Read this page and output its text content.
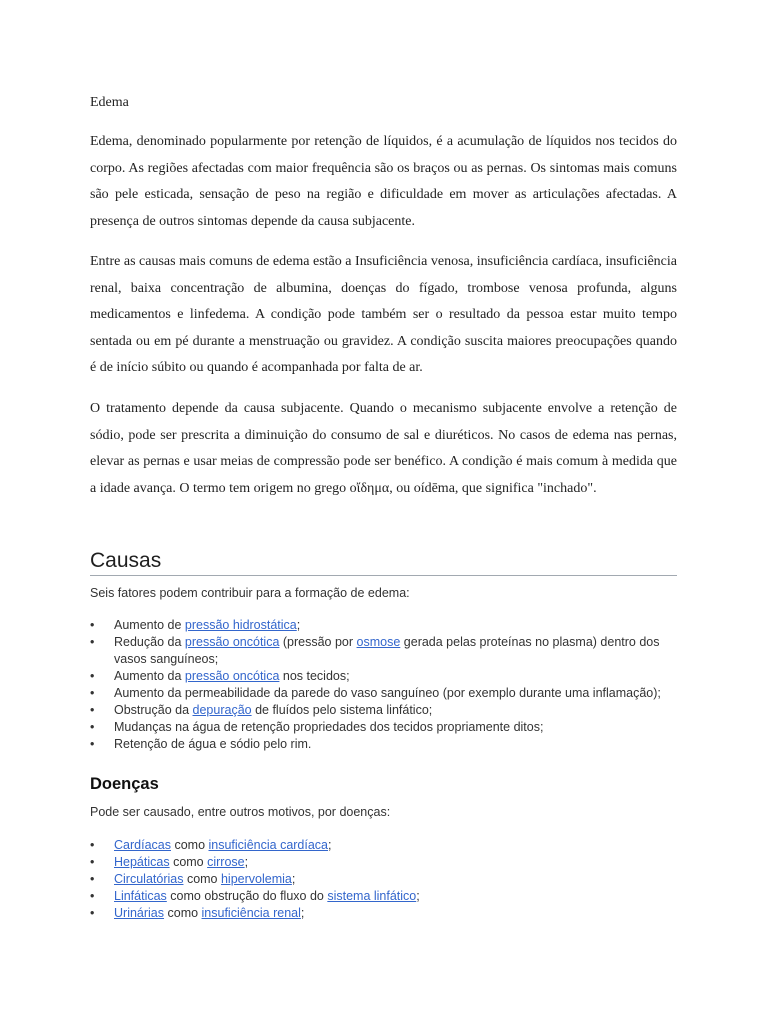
Edema

Edema, denominado popularmente por retenção de líquidos, é a acumulação de líquidos nos tecidos do corpo. As regiões afectadas com maior frequência são os braços ou as pernas. Os sintomas mais comuns são pele esticada, sensação de peso na região e dificuldade em mover as articulações afectadas. A presença de outros sintomas depende da causa subjacente.

Entre as causas mais comuns de edema estão a Insuficiência venosa, insuficiência cardíaca, insuficiência renal, baixa concentração de albumina, doenças do fígado, trombose venosa profunda, alguns medicamentos e linfedema. A condição pode também ser o resultado da pessoa estar muito tempo sentada ou em pé durante a menstruação ou gravidez. A condição suscita maiores preocupações quando é de início súbito ou quando é acompanhada por falta de ar.

O tratamento depende da causa subjacente. Quando o mecanismo subjacente envolve a retenção de sódio, pode ser prescrita a diminuição do consumo de sal e diuréticos. No casos de edema nas pernas, elevar as pernas e usar meias de compressão pode ser benéfico. A condição é mais comum à medida que a idade avança. O termo tem origem no grego οἴδημα, ou oídēma, que significa "inchado".

Causas

Seis fatores podem contribuir para a formação de edema:

• Aumento de pressão hidrostática;
• Redução da pressão oncótica (pressão por osmose gerada pelas proteínas no plasma) dentro dos vasos sanguíneos;
• Aumento da pressão oncótica nos tecidos;
• Aumento da permeabilidade da parede do vaso sanguíneo (por exemplo durante uma inflamação);
• Obstrução da depuração de fluídos pelo sistema linfático;
• Mudanças na água de retenção propriedades dos tecidos propriamente ditos;
• Retenção de água e sódio pelo rim.
Doenças

Pode ser causado, entre outros motivos, por doenças:

• Cardíacas como insuficiência cardíaca;
• Hepáticas como cirrose;
• Circulatórias como hipervolemia;
• Linfáticas como obstrução do fluxo do sistema linfático;
• Urinárias como insuficiência renal;
